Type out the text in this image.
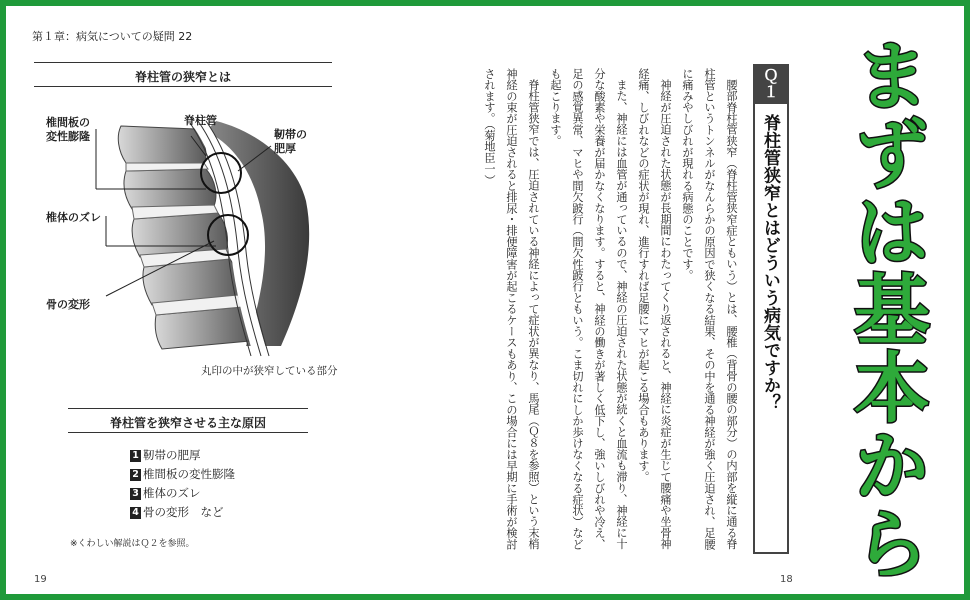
第１章：病気についての疑問 22
脊柱管の狭窄とは
椎間板の
変性膨隆
脊柱管
靭帯の
肥厚
椎体のズレ
骨の変形
丸印の中が狭窄している部分
脊柱管を狭窄させる主な原因
1 靭帯の肥厚
2 椎間板の変性膨隆
3 椎体のズレ
4 骨の変形　など
※くわしい解説はＱ２を参照。
19

腰部脊柱管狭窄（脊柱管狭窄症ともいう）とは、腰椎（背骨の腰の部分）の内部を縦に通る脊柱管というトンネルがなんらかの原因で狭くなる結果、その中を通る神経が強く圧迫され、足腰に痛みやしびれが現れる病態のことです。

神経が圧迫された状態が長期間にわたってくり返されると、神経に炎症が生じて腰痛や坐骨神経痛、しびれなどの症状が現れ、進行すれば足腰にマヒが起こる場合もあります。

また、神経には血管が通っているので、神経の圧迫された状態が続くと血流も滞り、神経に十分な酸素や栄養が届かなくなります。すると、神経の働きが著しく低下し、強いしびれや冷え、足の感覚異常、マヒや間欠跛行（間欠性跛行ともいう。こま切れにしか歩けなくなる症状）なども起こります。

脊柱管狭窄では、圧迫されている神経によって症状が異なり、馬尾（Ｑ８を参照）という末梢神経の束が圧迫されると排尿・排便障害が起こるケースもあり、この場合には早期に手術が検討されます。（菊地臣一）	Ｑ１
脊柱管狭窄とはどういう病気ですか？
18 まずは基本から
